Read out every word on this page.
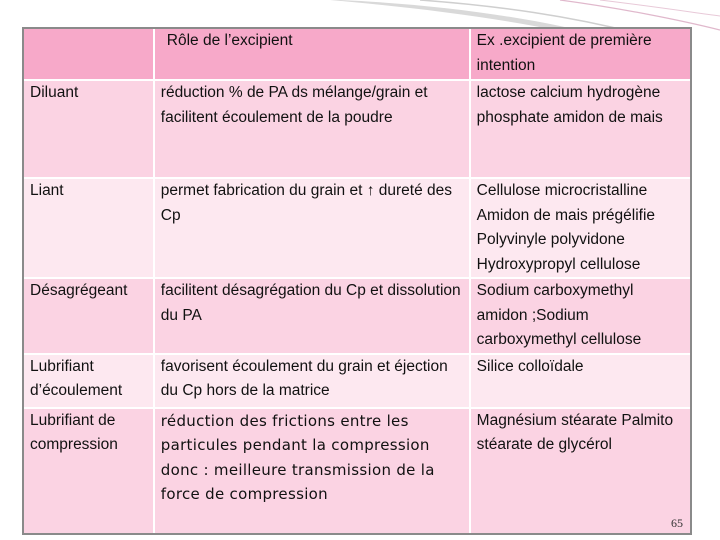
	Rôle de l’excipient	Ex .excipient de première intention
Diluant	réduction % de PA ds mélange/grain et facilitent écoulement de la poudre	lactose calcium hydrogène phosphate amidon de mais
Liant	permet fabrication du grain et ↑ dureté des Cp	Cellulose microcristalline Amidon de mais prégélifie Polyvinyle polyvidone Hydroxypropyl cellulose
Désagrégeant	facilitent désagrégation du Cp et dissolution du PA	Sodium carboxymethyl amidon ;Sodium carboxymethyl cellulose
Lubrifiant d’écoulement	favorisent écoulement du grain et éjection du Cp hors de la matrice	Silice colloïdale
Lubrifiant de compression	réduction des frictions entre les particules pendant la compression donc : meilleure transmission de la force de compression	Magnésium stéarate Palmito stéarate de glycérol
65
